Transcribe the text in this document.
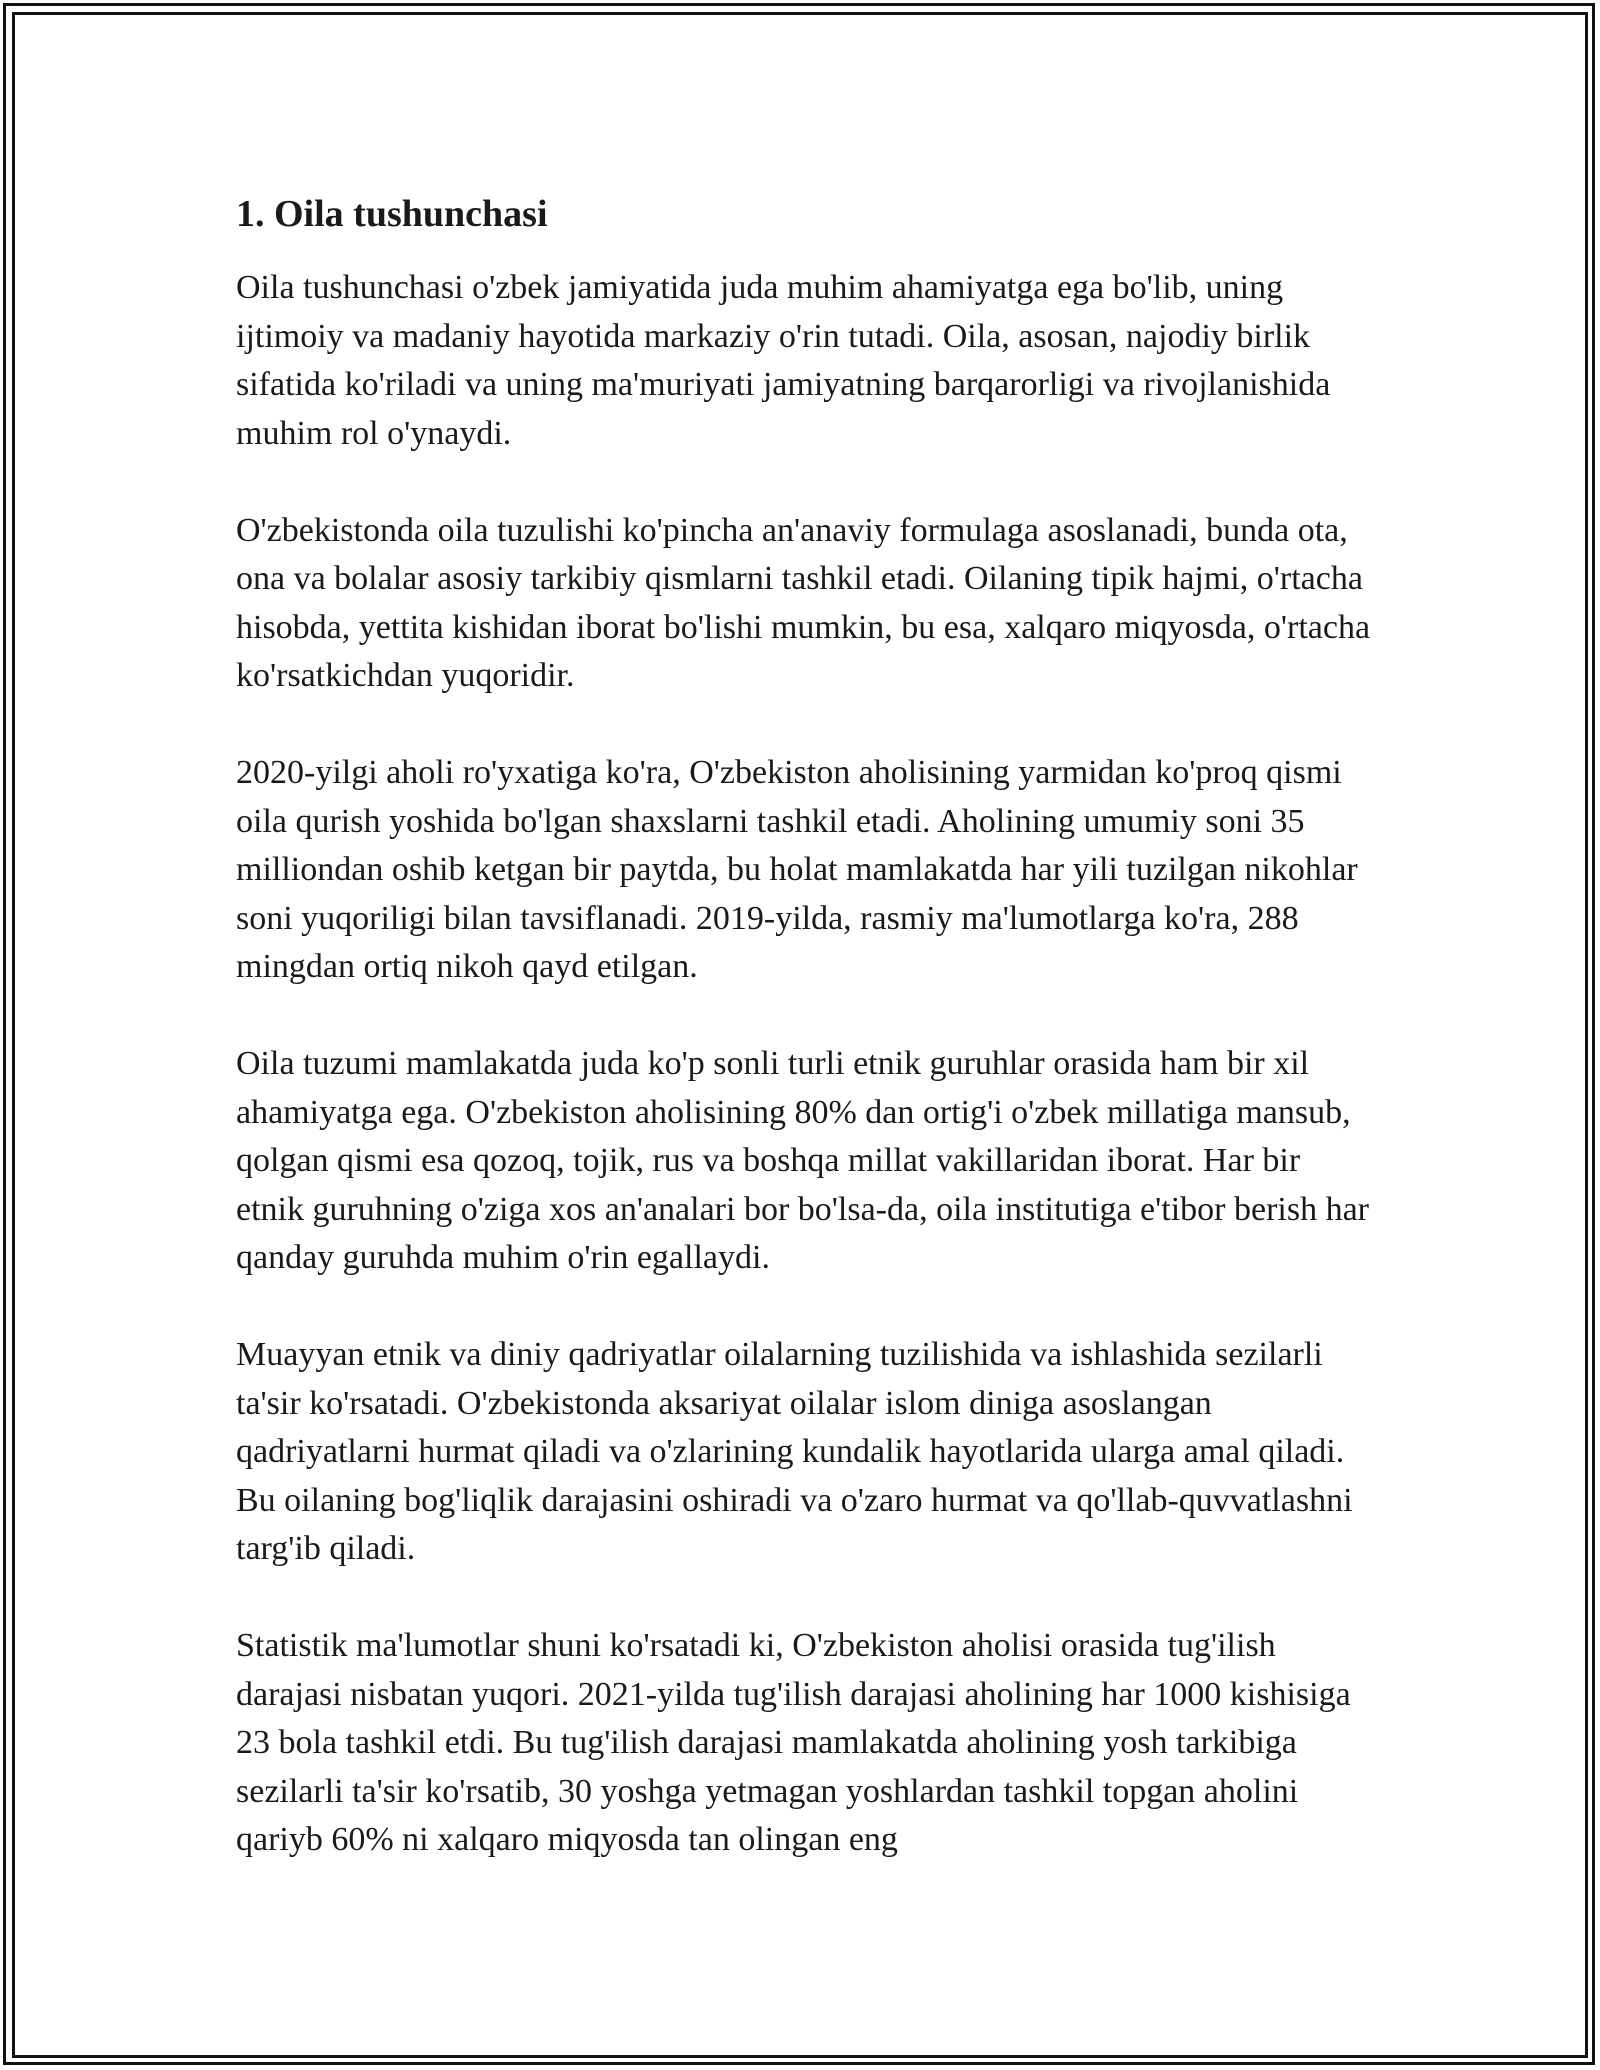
1. Oila tushunchasi

Oila tushunchasi o'zbek jamiyatida juda muhim ahamiyatga ega bo'lib, uning ijtimoiy va madaniy hayotida markaziy o'rin tutadi. Oila, asosan, najodiy birlik sifatida ko'riladi va uning ma'muriyati jamiyatning barqarorligi va rivojlanishida muhim rol o'ynaydi.

O'zbekistonda oila tuzulishi ko'pincha an'anaviy formulaga asoslanadi, bunda ota, ona va bolalar asosiy tarkibiy qismlarni tashkil etadi. Oilaning tipik hajmi, o'rtacha hisobda, yettita kishidan iborat bo'lishi mumkin, bu esa, xalqaro miqyosda, o'rtacha ko'rsatkichdan yuqoridir.

2020-yilgi aholi ro'yxatiga ko'ra, O'zbekiston aholisining yarmidan ko'proq qismi oila qurish yoshida bo'lgan shaxslarni tashkil etadi. Aholining umumiy soni 35 milliondan oshib ketgan bir paytda, bu holat mamlakatda har yili tuzilgan nikohlar soni yuqoriligi bilan tavsiflanadi. 2019-yilda, rasmiy ma'lumotlarga ko'ra, 288 mingdan ortiq nikoh qayd etilgan.

Oila tuzumi mamlakatda juda ko'p sonli turli etnik guruhlar orasida ham bir xil ahamiyatga ega. O'zbekiston aholisining 80% dan ortig'i o'zbek millatiga mansub, qolgan qismi esa qozoq, tojik, rus va boshqa millat vakillaridan iborat. Har bir etnik guruhning o'ziga xos an'analari bor bo'lsa-da, oila institutiga e'tibor berish har qanday guruhda muhim o'rin egallaydi.

Muayyan etnik va diniy qadriyatlar oilalarning tuzilishida va ishlashida sezilarli ta'sir ko'rsatadi. O'zbekistonda aksariyat oilalar islom diniga asoslangan qadriyatlarni hurmat qiladi va o'zlarining kundalik hayotlarida ularga amal qiladi. Bu oilaning bog'liqlik darajasini oshiradi va o'zaro hurmat va qo'llab-quvvatlashni targ'ib qiladi.

Statistik ma'lumotlar shuni ko'rsatadi ki, O'zbekiston aholisi orasida tug'ilish darajasi nisbatan yuqori. 2021-yilda tug'ilish darajasi aholining har 1000 kishisiga 23 bola tashkil etdi. Bu tug'ilish darajasi mamlakatda aholining yosh tarkibiga sezilarli ta'sir ko'rsatib, 30 yoshga yetmagan yoshlardan tashkil topgan aholini qariyb 60% ni xalqaro miqyosda tan olingan eng
